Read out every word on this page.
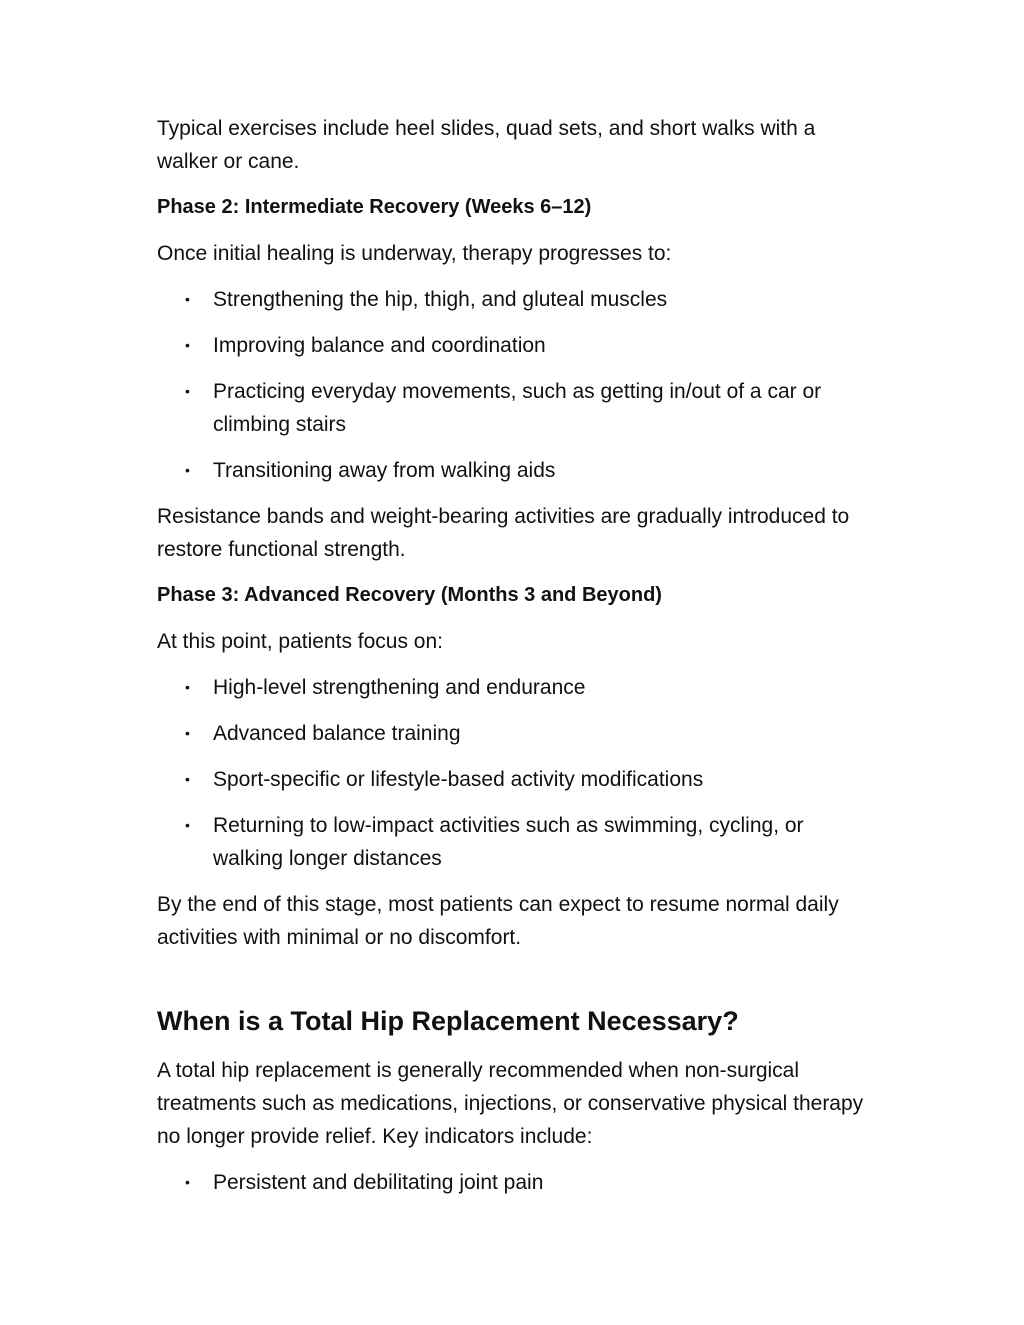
Typical exercises include heel slides, quad sets, and short walks with a walker or cane.

Phase 2: Intermediate Recovery (Weeks 6–12)

Once initial healing is underway, therapy progresses to:

• Strengthening the hip, thigh, and gluteal muscles
• Improving balance and coordination
• Practicing everyday movements, such as getting in/out of a car or climbing stairs
• Transitioning away from walking aids

Resistance bands and weight-bearing activities are gradually introduced to restore functional strength.

Phase 3: Advanced Recovery (Months 3 and Beyond)

At this point, patients focus on:

• High-level strengthening and endurance
• Advanced balance training
• Sport-specific or lifestyle-based activity modifications
• Returning to low-impact activities such as swimming, cycling, or walking longer distances

By the end of this stage, most patients can expect to resume normal daily activities with minimal or no discomfort.

When is a Total Hip Replacement Necessary?

A total hip replacement is generally recommended when non-surgical treatments such as medications, injections, or conservative physical therapy no longer provide relief. Key indicators include:

• Persistent and debilitating joint pain
